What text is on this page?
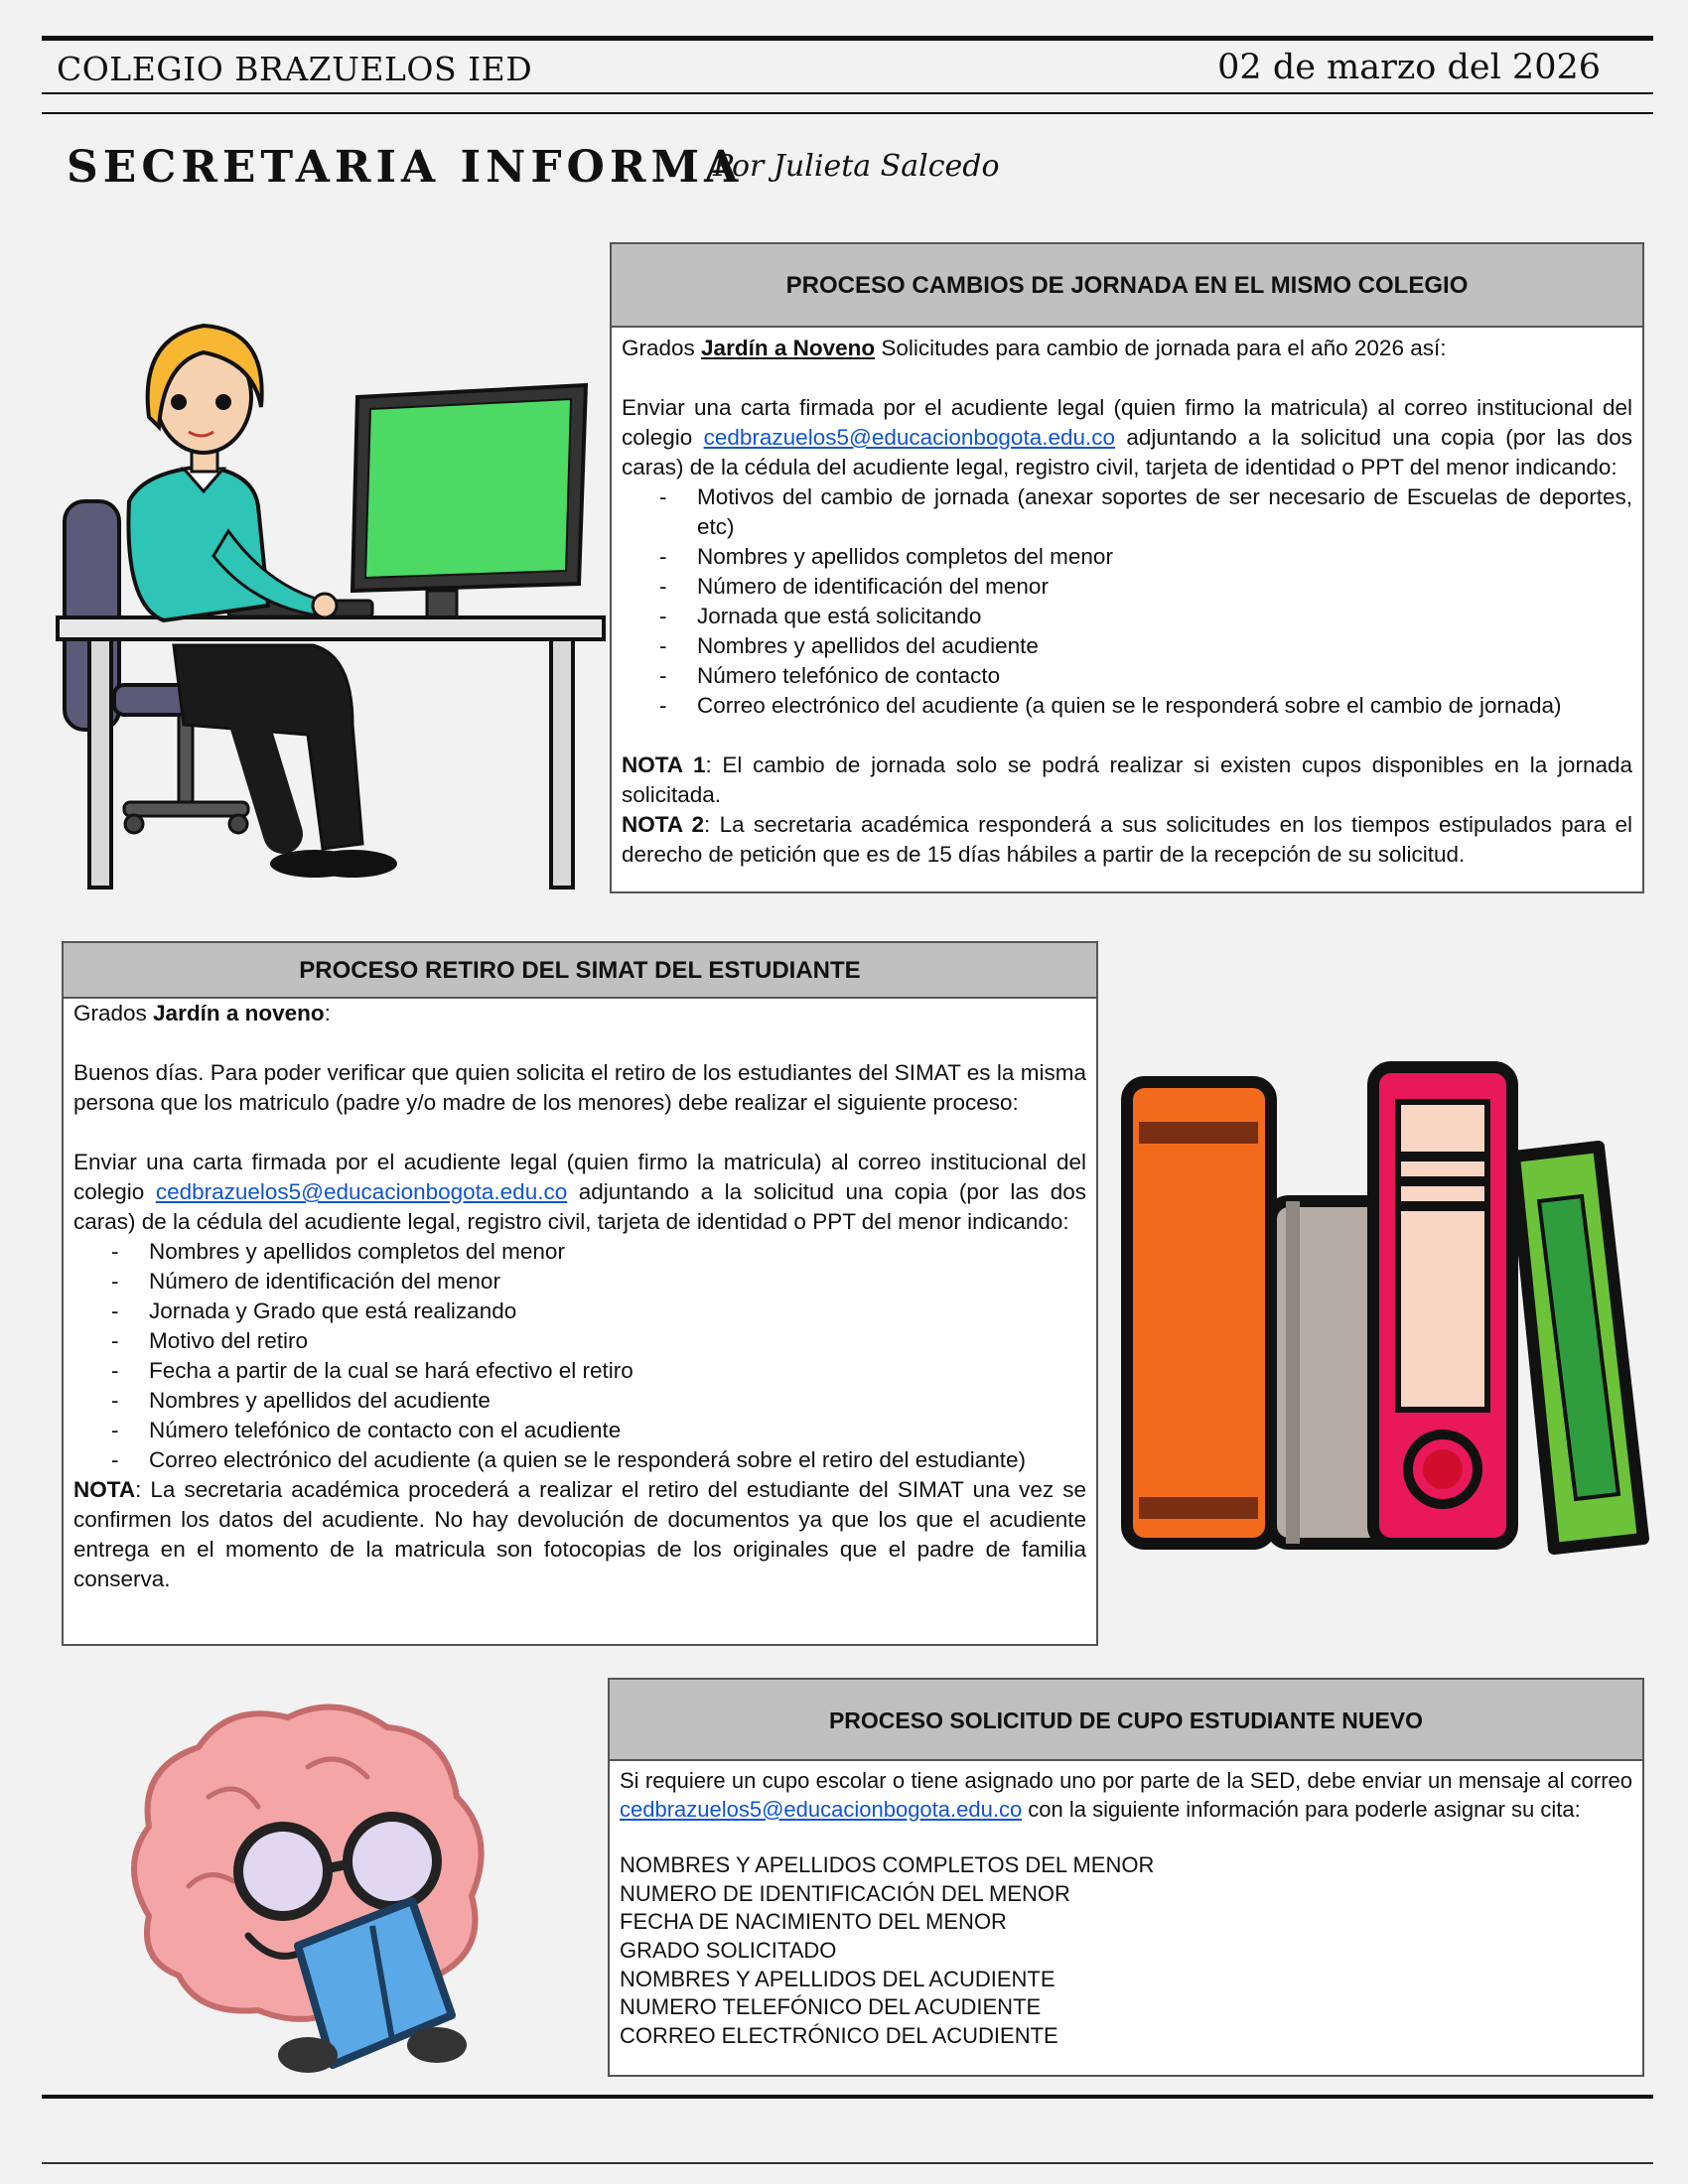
COLEGIO BRAZUELOS IED	02 de marzo del 2026
SECRETARIA INFORMA
Por Julieta Salcedo
PROCESO CAMBIOS DE JORNADA EN EL MISMO COLEGIO

Grados Jardín a Noveno Solicitudes para cambio de jornada para el año 2026 así:

Enviar una carta firmada por el acudiente legal (quien firmo la matricula) al correo institucional del colegio cedbrazuelos5@educacionbogota.edu.co adjuntando a la solicitud una copia (por las dos caras) de la cédula del acudiente legal, registro civil, tarjeta de identidad o PPT del menor indicando:

- Motivos del cambio de jornada (anexar soportes de ser necesario de Escuelas de deportes, etc)
- Nombres y apellidos completos del menor
- Número de identificación del menor
- Jornada que está solicitando
- Nombres y apellidos del acudiente
- Número telefónico de contacto
- Correo electrónico del acudiente (a quien se le responderá sobre el cambio de jornada)

NOTA 1: El cambio de jornada solo se podrá realizar si existen cupos disponibles en la jornada solicitada.

NOTA 2: La secretaria académica responderá a sus solicitudes en los tiempos estipulados para el derecho de petición que es de 15 días hábiles a partir de la recepción de su solicitud.

PROCESO RETIRO DEL SIMAT DEL ESTUDIANTE

Grados Jardín a noveno:

Buenos días. Para poder verificar que quien solicita el retiro de los estudiantes del SIMAT es la misma persona que los matriculo (padre y/o madre de los menores) debe realizar el siguiente proceso:

Enviar una carta firmada por el acudiente legal (quien firmo la matricula) al correo institucional del colegio cedbrazuelos5@educacionbogota.edu.co adjuntando a la solicitud una copia (por las dos caras) de la cédula del acudiente legal, registro civil, tarjeta de identidad o PPT del menor indicando:

- Nombres y apellidos completos del menor
- Número de identificación del menor
- Jornada y Grado que está realizando
- Motivo del retiro
- Fecha a partir de la cual se hará efectivo el retiro
- Nombres y apellidos del acudiente
- Número telefónico de contacto con el acudiente
- Correo electrónico del acudiente (a quien se le responderá sobre el retiro del estudiante)

NOTA: La secretaria académica procederá a realizar el retiro del estudiante del SIMAT una vez se confirmen los datos del acudiente. No hay devolución de documentos ya que los que el acudiente entrega en el momento de la matricula son fotocopias de los originales que el padre de familia conserva.

PROCESO SOLICITUD DE CUPO ESTUDIANTE NUEVO

Si requiere un cupo escolar o tiene asignado uno por parte de la SED, debe enviar un mensaje al correo cedbrazuelos5@educacionbogota.edu.co con la siguiente información para poderle asignar su cita:

NOMBRES Y APELLIDOS COMPLETOS DEL MENOR

NUMERO DE IDENTIFICACIÓN DEL MENOR

FECHA DE NACIMIENTO DEL MENOR

GRADO SOLICITADO

NOMBRES Y APELLIDOS DEL ACUDIENTE

NUMERO TELEFÓNICO DEL ACUDIENTE

CORREO ELECTRÓNICO DEL ACUDIENTE
